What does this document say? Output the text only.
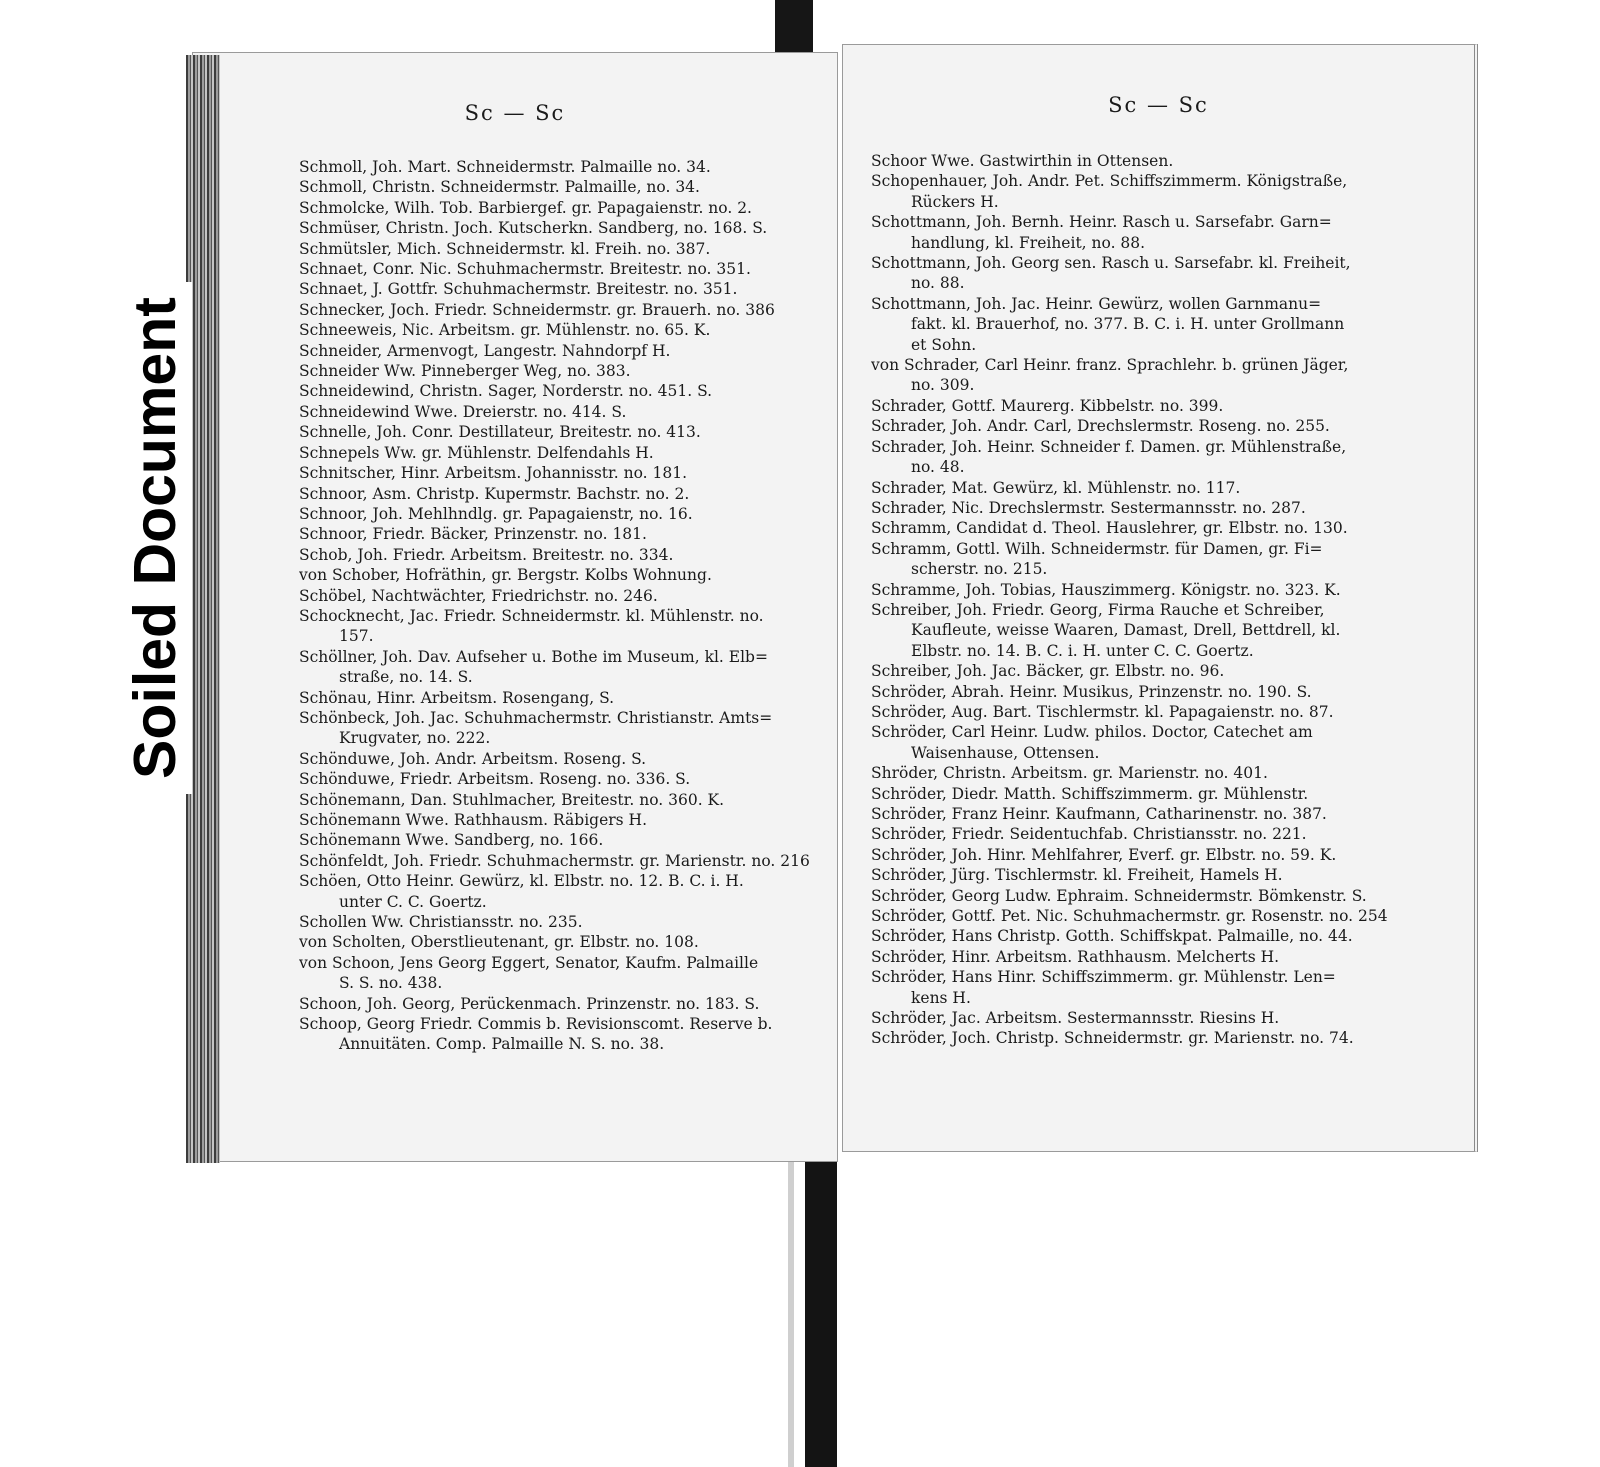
Sc — Sc
Schmoll, Joh. Mart. Schneidermstr. Palmaille no. 34.
Schmoll, Christn. Schneidermstr. Palmaille, no. 34.
Schmolcke, Wilh. Tob. Barbiergef. gr. Papagaienstr. no. 2.
Schmüser, Christn. Joch. Kutscherkn. Sandberg, no. 168. S.
Schmütsler, Mich. Schneidermstr. kl. Freih. no. 387.
Schnaet, Conr. Nic. Schuhmachermstr. Breitestr. no. 351.
Schnaet, J. Gottfr. Schuhmachermstr. Breitestr. no. 351.
Schnecker, Joch. Friedr. Schneidermstr. gr. Brauerh. no. 386
Schneeweis, Nic. Arbeitsm. gr. Mühlenstr. no. 65. K.
Schneider, Armenvogt, Langestr. Nahndorpf H.
Schneider Ww. Pinneberger Weg, no. 383.
Schneidewind, Christn. Sager, Norderstr. no. 451. S.
Schneidewind Wwe. Dreierstr. no. 414. S.
Schnelle, Joh. Conr. Destillateur, Breitestr. no. 413.
Schnepels Ww. gr. Mühlenstr. Delfendahls H.
Schnitscher, Hinr. Arbeitsm. Johannisstr. no. 181.
Schnoor, Asm. Christp. Kupermstr. Bachstr. no. 2.
Schnoor, Joh. Mehlhndlg. gr. Papagaienstr, no. 16.
Schnoor, Friedr. Bäcker, Prinzenstr. no. 181.
Schob, Joh. Friedr. Arbeitsm. Breitestr. no. 334.
von Schober, Hofräthin, gr. Bergstr. Kolbs Wohnung.
Schöbel, Nachtwächter, Friedrichstr. no. 246.
Schocknecht, Jac. Friedr. Schneidermstr. kl. Mühlenstr. no.
157.
Schöllner, Joh. Dav. Aufseher u. Bothe im Museum, kl. Elb=
straße, no. 14. S.
Schönau, Hinr. Arbeitsm. Rosengang, S.
Schönbeck, Joh. Jac. Schuhmachermstr. Christianstr. Amts=
Krugvater, no. 222.
Schönduwe, Joh. Andr. Arbeitsm. Roseng. S.
Schönduwe, Friedr. Arbeitsm. Roseng. no. 336. S.
Schönemann, Dan. Stuhlmacher, Breitestr. no. 360. K.
Schönemann Wwe. Rathhausm. Räbigers H.
Schönemann Wwe. Sandberg, no. 166.
Schönfeldt, Joh. Friedr. Schuhmachermstr. gr. Marienstr. no. 216
Schöen, Otto Heinr. Gewürz, kl. Elbstr. no. 12. B. C. i. H.
unter C. C. Goertz.
Schollen Ww. Christiansstr. no. 235.
von Scholten, Oberstlieutenant, gr. Elbstr. no. 108.
von Schoon, Jens Georg Eggert, Senator, Kaufm. Palmaille
S. S. no. 438.
Schoon, Joh. Georg, Perückenmach. Prinzenstr. no. 183. S.
Schoop, Georg Friedr. Commis b. Revisionscomt. Reserve b.
Annuitäten. Comp. Palmaille N. S. no. 38.
Sc — Sc
Schoor Wwe. Gastwirthin in Ottensen.
Schopenhauer, Joh. Andr. Pet. Schiffszimmerm. Königstraße,
Rückers H.
Schottmann, Joh. Bernh. Heinr. Rasch u. Sarsefabr. Garn=
handlung, kl. Freiheit, no. 88.
Schottmann, Joh. Georg sen. Rasch u. Sarsefabr. kl. Freiheit,
no. 88.
Schottmann, Joh. Jac. Heinr. Gewürz, wollen Garnmanu=
fakt. kl. Brauerhof, no. 377. B. C. i. H. unter Grollmann
et Sohn.
von Schrader, Carl Heinr. franz. Sprachlehr. b. grünen Jäger,
no. 309.
Schrader, Gottf. Maurerg. Kibbelstr. no. 399.
Schrader, Joh. Andr. Carl, Drechslermstr. Roseng. no. 255.
Schrader, Joh. Heinr. Schneider f. Damen. gr. Mühlenstraße,
no. 48.
Schrader, Mat. Gewürz, kl. Mühlenstr. no. 117.
Schrader, Nic. Drechslermstr. Sestermannsstr. no. 287.
Schramm, Candidat d. Theol. Hauslehrer, gr. Elbstr. no. 130.
Schramm, Gottl. Wilh. Schneidermstr. für Damen, gr. Fi=
scherstr. no. 215.
Schramme, Joh. Tobias, Hauszimmerg. Königstr. no. 323. K.
Schreiber, Joh. Friedr. Georg, Firma Rauche et Schreiber,
Kaufleute, weisse Waaren, Damast, Drell, Bettdrell, kl.
Elbstr. no. 14. B. C. i. H. unter C. C. Goertz.
Schreiber, Joh. Jac. Bäcker, gr. Elbstr. no. 96.
Schröder, Abrah. Heinr. Musikus, Prinzenstr. no. 190. S.
Schröder, Aug. Bart. Tischlermstr. kl. Papagaienstr. no. 87.
Schröder, Carl Heinr. Ludw. philos. Doctor, Catechet am
Waisenhause, Ottensen.
Shröder, Christn. Arbeitsm. gr. Marienstr. no. 401.
Schröder, Diedr. Matth. Schiffszimmerm. gr. Mühlenstr.
Schröder, Franz Heinr. Kaufmann, Catharinenstr. no. 387.
Schröder, Friedr. Seidentuchfab. Christiansstr. no. 221.
Schröder, Joh. Hinr. Mehlfahrer, Everf. gr. Elbstr. no. 59. K.
Schröder, Jürg. Tischlermstr. kl. Freiheit, Hamels H.
Schröder, Georg Ludw. Ephraim. Schneidermstr. Bömkenstr. S.
Schröder, Gottf. Pet. Nic. Schuhmachermstr. gr. Rosenstr. no. 254
Schröder, Hans Christp. Gotth. Schiffskpat. Palmaille, no. 44.
Schröder, Hinr. Arbeitsm. Rathhausm. Melcherts H.
Schröder, Hans Hinr. Schiffszimmerm. gr. Mühlenstr. Len=
kens H.
Schröder, Jac. Arbeitsm. Sestermannsstr. Riesins H.
Schröder, Joch. Christp. Schneidermstr. gr. Marienstr. no. 74.
Soiled Document
